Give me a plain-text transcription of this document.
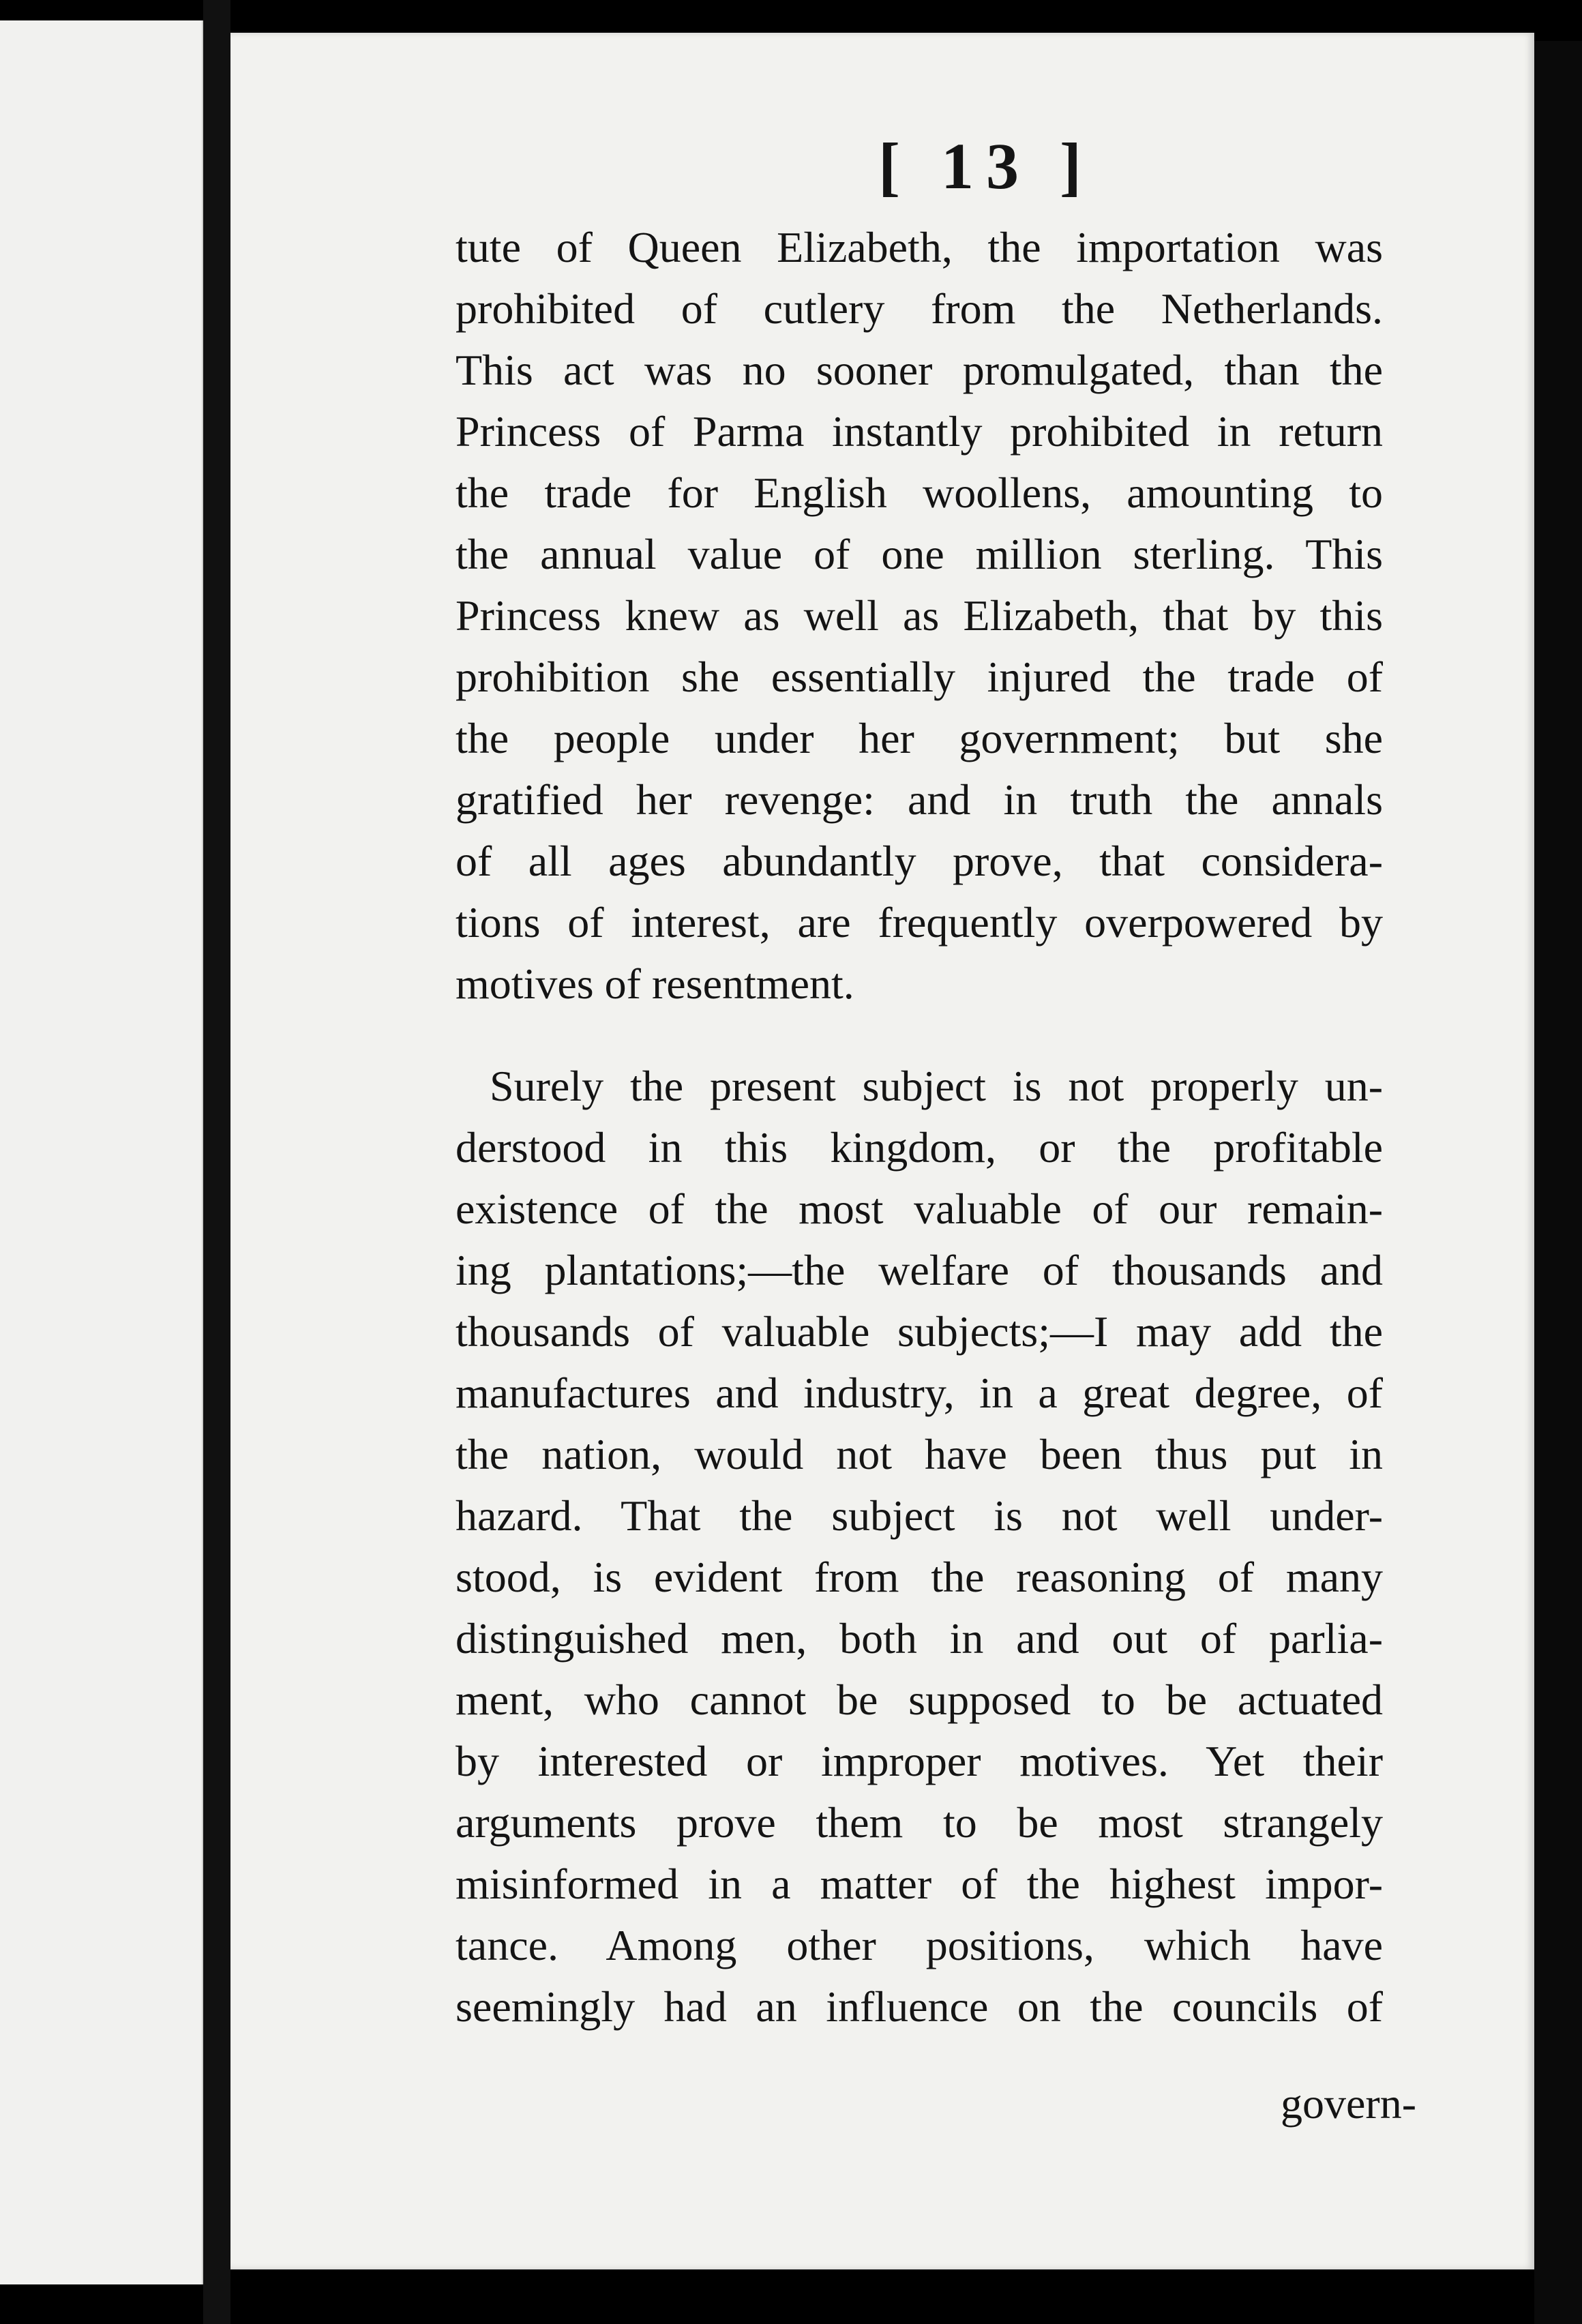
[ 13 ]
tute of Queen Elizabeth, the importation was
prohibited of cutlery from the Netherlands.
This act was no sooner promulgated, than the
Princess of Parma instantly prohibited in return
the trade for English woollens, amounting to
the annual value of one million sterling. This
Princess knew as well as Elizabeth, that by this
prohibition she essentially injured the trade of
the people under her government; but she
gratified her revenge: and in truth the annals
of all ages abundantly prove, that considera-
tions of interest, are frequently overpowered by
motives of resentment.
Surely the present subject is not properly un-
derstood in this kingdom, or the profitable
existence of the most valuable of our remain-
ing plantations;—the welfare of thousands and
thousands of valuable subjects;—I may add the
manufactures and industry, in a great degree, of
the nation, would not have been thus put in
hazard. That the subject is not well under-
stood, is evident from the reasoning of many
distinguished men, both in and out of parlia-
ment, who cannot be supposed to be actuated
by interested or improper motives. Yet their
arguments prove them to be most strangely
misinformed in a matter of the highest impor-
tance. Among other positions, which have
seemingly had an influence on the councils of
govern-
